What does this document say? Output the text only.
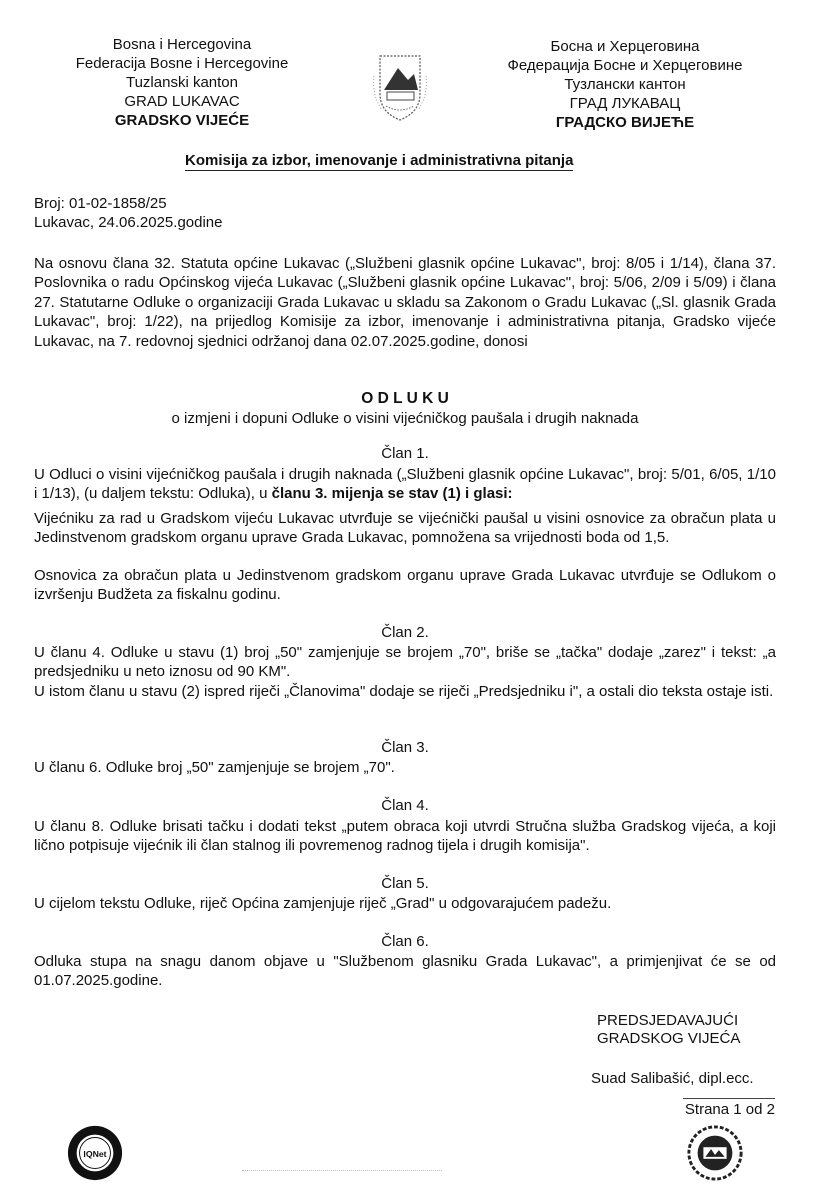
Bosna i Hercegovina
Federacija Bosne i Hercegovine
Tuzlanski kanton
GRAD LUKAVAC
GRADSKO VIJEĆE
Босна и Херцеговина
Федерација Босне и Херцеговине
Тузлански кантон
ГРАД ЛУКАВАЦ
ГРАДСКО ВИЈЕЋЕ
Komisija za izbor, imenovanje i administrativna pitanja
Broj: 01-02-1858/25
Lukavac, 24.06.2025.godine
Na osnovu člana 32. Statuta općine Lukavac („Službeni glasnik općine Lukavac", broj: 8/05 i 1/14), člana 37. Poslovnika o radu Općinskog vijeća Lukavac („Službeni glasnik općine Lukavac", broj: 5/06, 2/09 i 5/09) i člana 27. Statutarne Odluke o organizaciji Grada Lukavac u skladu sa Zakonom o Gradu Lukavac („Sl. glasnik Grada Lukavac", broj: 1/22), na prijedlog Komisije za izbor, imenovanje i administrativna pitanja, Gradsko vijeće Lukavac, na 7. redovnoj sjednici održanoj dana 02.07.2025.godine, donosi
O D L U K U
o izmjeni i dopuni Odluke o visini vijećničkog paušala i drugih naknada
Član 1.
U Odluci o visini vijećničkog paušala i drugih naknada („Službeni glasnik općine Lukavac", broj: 5/01, 6/05, 1/10 i 1/13), (u daljem tekstu: Odluka), u članu 3. mijenja se stav (1) i glasi:
Vijećniku za rad u Gradskom vijeću Lukavac utvrđuje se vijećnički paušal u visini osnovice za obračun plata u Jedinstvenom gradskom organu uprave Grada Lukavac, pomnožena sa vrijednosti boda od 1,5.
Osnovica za obračun plata u Jedinstvenom gradskom organu uprave Grada Lukavac utvrđuje se Odlukom o izvršenju Budžeta za fiskalnu godinu.
Član 2.
U članu 4. Odluke u stavu (1) broj „50" zamjenjuje se brojem „70", briše se „tačka" dodaje „zarez" i tekst: „a predsjedniku u neto iznosu od 90 KM".
U istom članu u stavu (2) ispred riječi „Članovima" dodaje se riječi „Predsjedniku i", a ostali dio teksta ostaje isti.
Član 3.
U članu 6. Odluke broj „50" zamjenjuje se brojem „70".
Član 4.
U članu 8. Odluke brisati tačku i dodati tekst „putem obraca koji utvrdi Stručna služba Gradskog vijeća, a koji lično potpisuje vijećnik ili član stalnog ili povremenog radnog tijela i drugih komisija".
Član 5.
U cijelom tekstu Odluke, riječ Općina zamjenjuje riječ „Grad" u odgovarajućem padežu.
Član 6.
Odluka stupa na snagu danom objave u "Službenom glasniku Grada Lukavac", a primjenjivat će se od 01.07.2025.godine.
PREDSJEDAVAJUĆI
GRADSKOG VIJEĆA
Suad Salibašić, dipl.ecc.
Strana 1 od 2
IQNet
